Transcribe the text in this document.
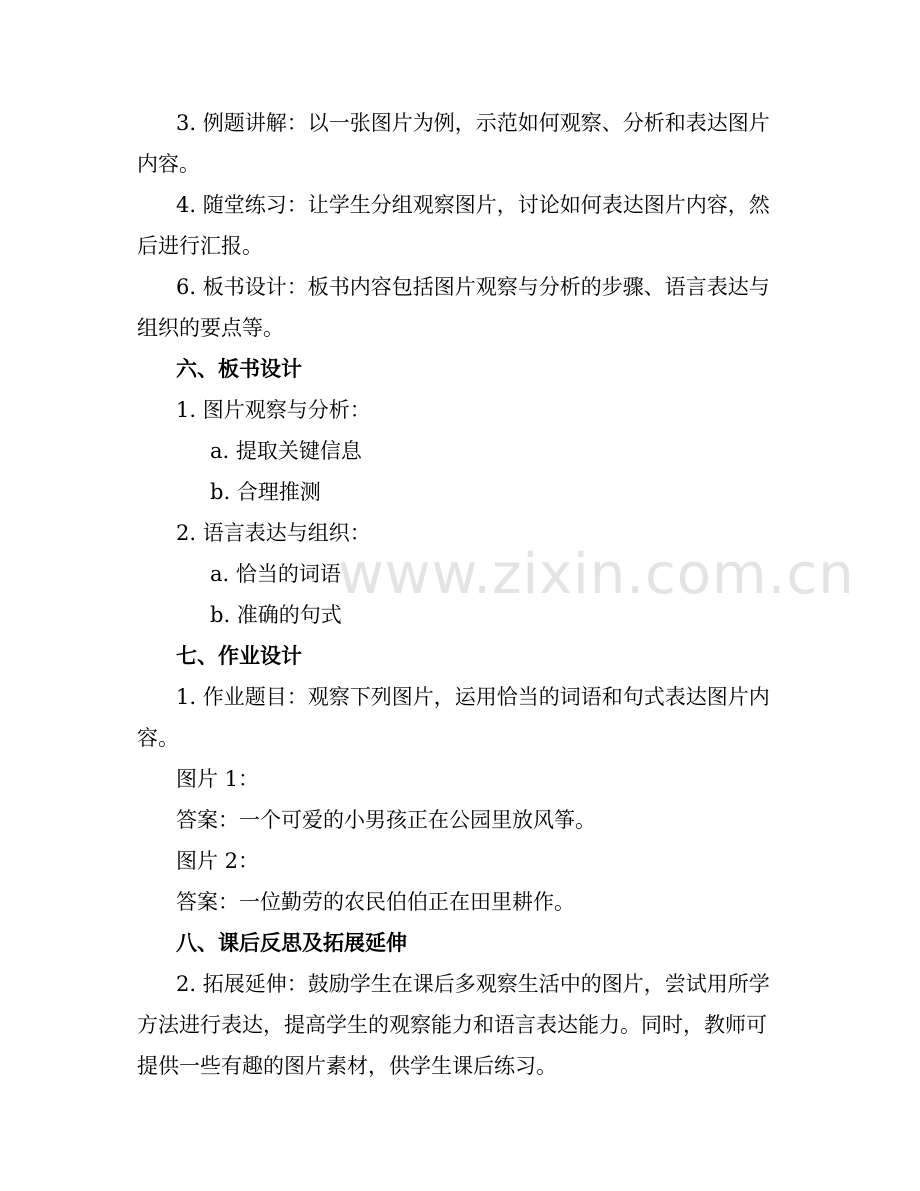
www.zixin.com.cn
3. 例题讲解：以一张图片为例，示范如何观察、分析和表达图片
内容。
4. 随堂练习：让学生分组观察图片，讨论如何表达图片内容，然
后进行汇报。
6. 板书设计：板书内容包括图片观察与分析的步骤、语言表达与
组织的要点等。
六、板书设计
1. 图片观察与分析：
a. 提取关键信息
b. 合理推测
2. 语言表达与组织：
a. 恰当的词语
b. 准确的句式
七、作业设计
1. 作业题目：观察下列图片，运用恰当的词语和句式表达图片内
容。
图片 1：
答案：一个可爱的小男孩正在公园里放风筝。
图片 2：
答案：一位勤劳的农民伯伯正在田里耕作。
八、课后反思及拓展延伸
2. 拓展延伸：鼓励学生在课后多观察生活中的图片，尝试用所学
方法进行表达，提高学生的观察能力和语言表达能力。同时，教师可
提供一些有趣的图片素材，供学生课后练习。
